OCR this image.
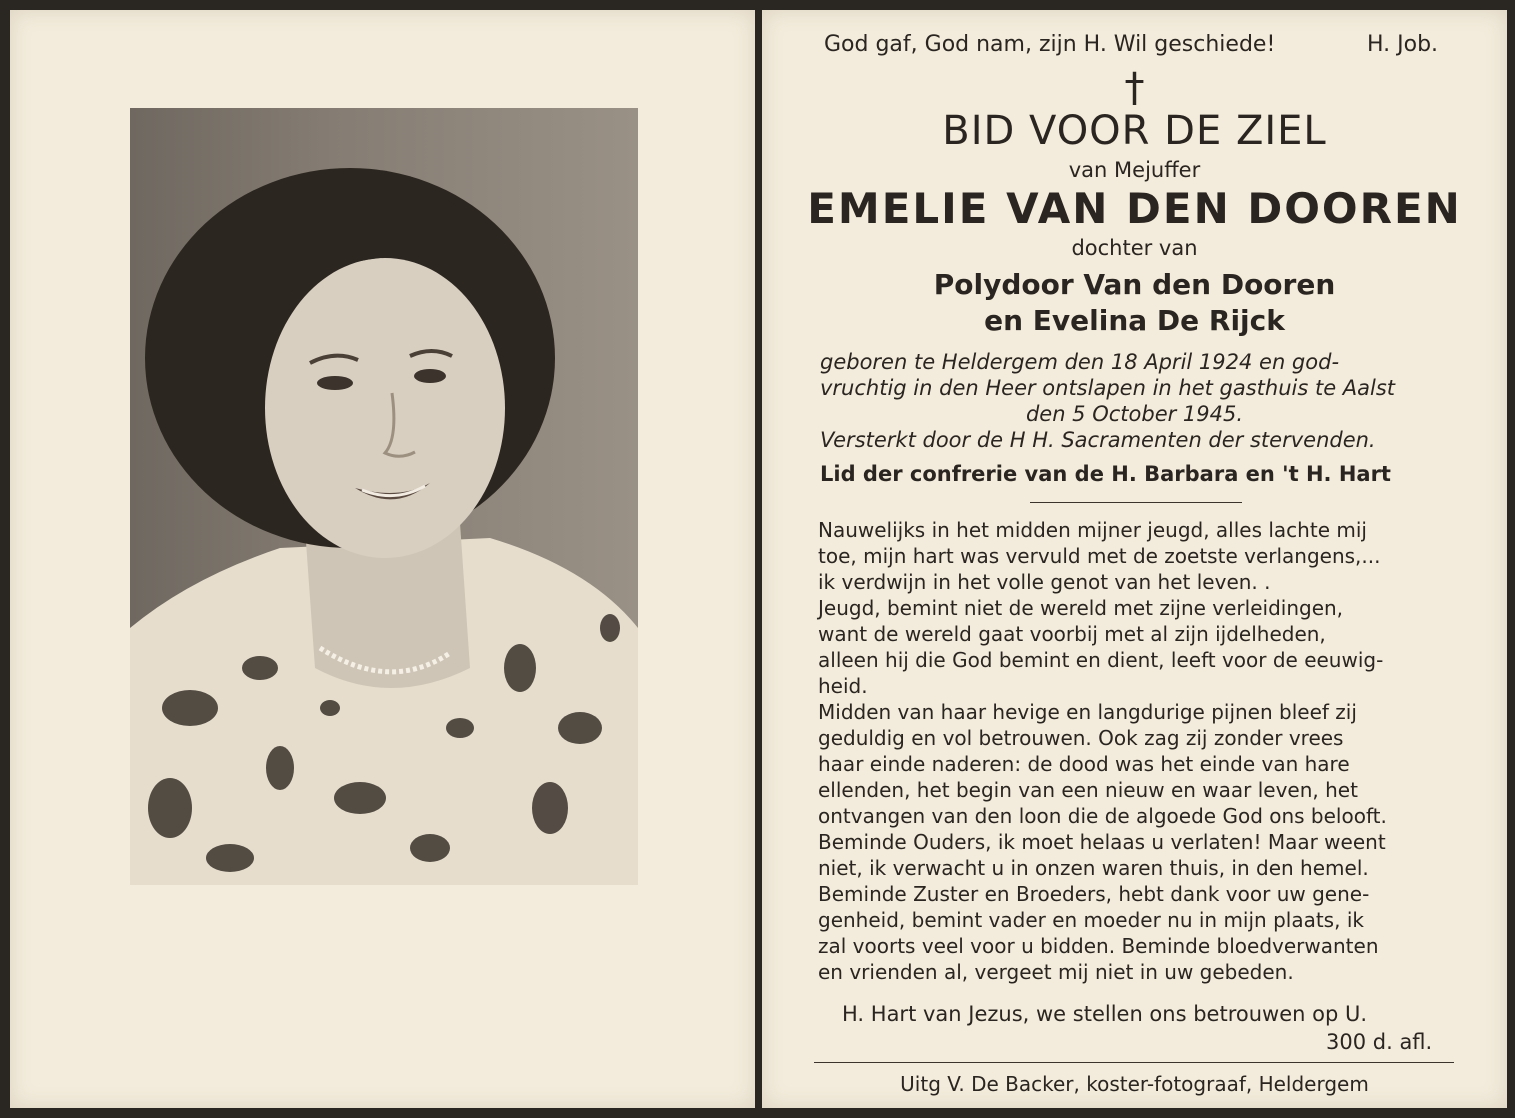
God gaf, God nam, zijn H. Wil geschiede!	H. Job.
†
BID VOOR DE ZIEL
van Mejuffer
EMELIE VAN DEN DOOREN
dochter van
Polydoor Van den Dooren
en Evelina De Rijck
geboren te Heldergem den 18 April 1924 en god-
vruchtig in den Heer ontslapen in het gasthuis te Aalst
den 5 October 1945.
Versterkt door de H H. Sacramenten der stervenden.
Lid der confrerie van de H. Barbara en 't H. Hart
Nauwelijks in het midden mijner jeugd, alles lachte mij
toe, mijn hart was vervuld met de zoetste verlangens,...
ik verdwijn in het volle genot van het leven. .
Jeugd, bemint niet de wereld met zijne verleidingen,
want de wereld gaat voorbij met al zijn ijdelheden,
alleen hij die God bemint en dient, leeft voor de eeuwig-
heid.
Midden van haar hevige en langdurige pijnen bleef zij
geduldig en vol betrouwen. Ook zag zij zonder vrees
haar einde naderen: de dood was het einde van hare
ellenden, het begin van een nieuw en waar leven, het
ontvangen van den loon die de algoede God ons belooft.
Beminde Ouders, ik moet helaas u verlaten! Maar weent
niet, ik verwacht u in onzen waren thuis, in den hemel.
Beminde Zuster en Broeders, hebt dank voor uw gene-
genheid, bemint vader en moeder nu in mijn plaats, ik
zal voorts veel voor u bidden. Beminde bloedverwanten
en vrienden al, vergeet mij niet in uw gebeden.
H. Hart van Jezus, we stellen ons betrouwen op U.
300 d. afl.
Uitg V. De Backer, koster-fotograaf, Heldergem
